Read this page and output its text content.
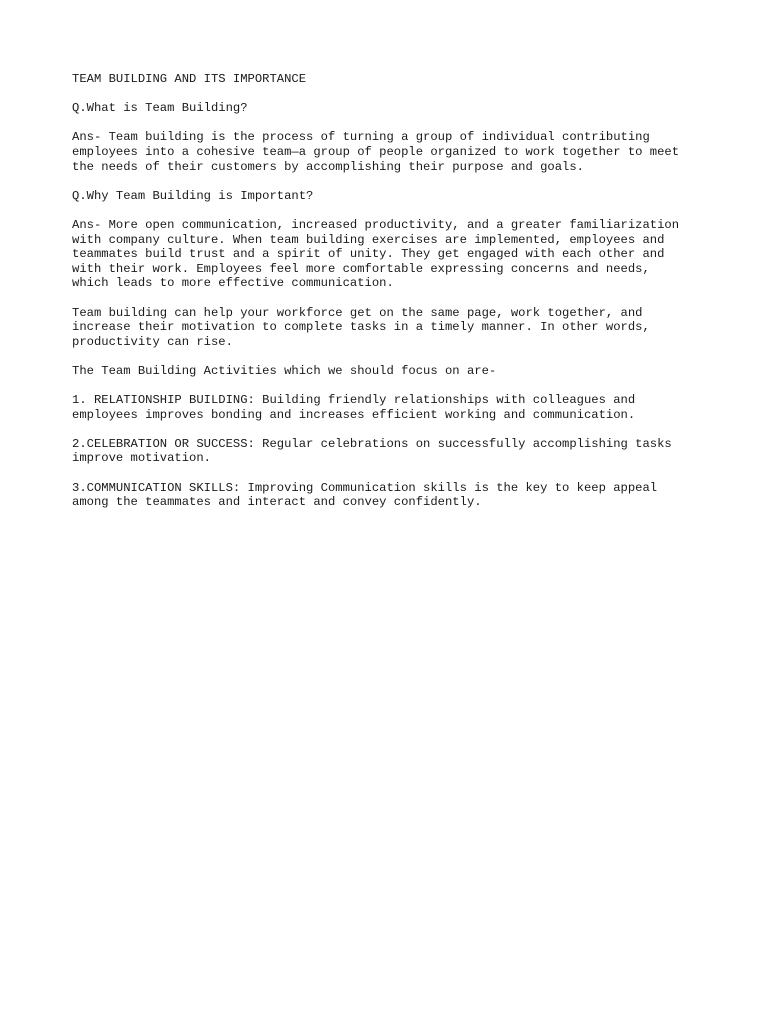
TEAM BUILDING AND ITS IMPORTANCE
Q.What is Team Building?
Ans- Team building is the process of turning a group of individual contributing
employees into a cohesive team—a group of people organized to work together to meet
the needs of their customers by accomplishing their purpose and goals.
Q.Why Team Building is Important?
Ans- More open communication, increased productivity, and a greater familiarization
with company culture. When team building exercises are implemented, employees and
teammates build trust and a spirit of unity. They get engaged with each other and
with their work. Employees feel more comfortable expressing concerns and needs,
which leads to more effective communication.
Team building can help your workforce get on the same page, work together, and
increase their motivation to complete tasks in a timely manner. In other words,
productivity can rise.
The Team Building Activities which we should focus on are-
1. RELATIONSHIP BUILDING: Building friendly relationships with colleagues and
employees improves bonding and increases efficient working and communication.
2.CELEBRATION OR SUCCESS: Regular celebrations on successfully accomplishing tasks
improve motivation.
3.COMMUNICATION SKILLS: Improving Communication skills is the key to keep appeal
among the teammates and interact and convey confidently.
